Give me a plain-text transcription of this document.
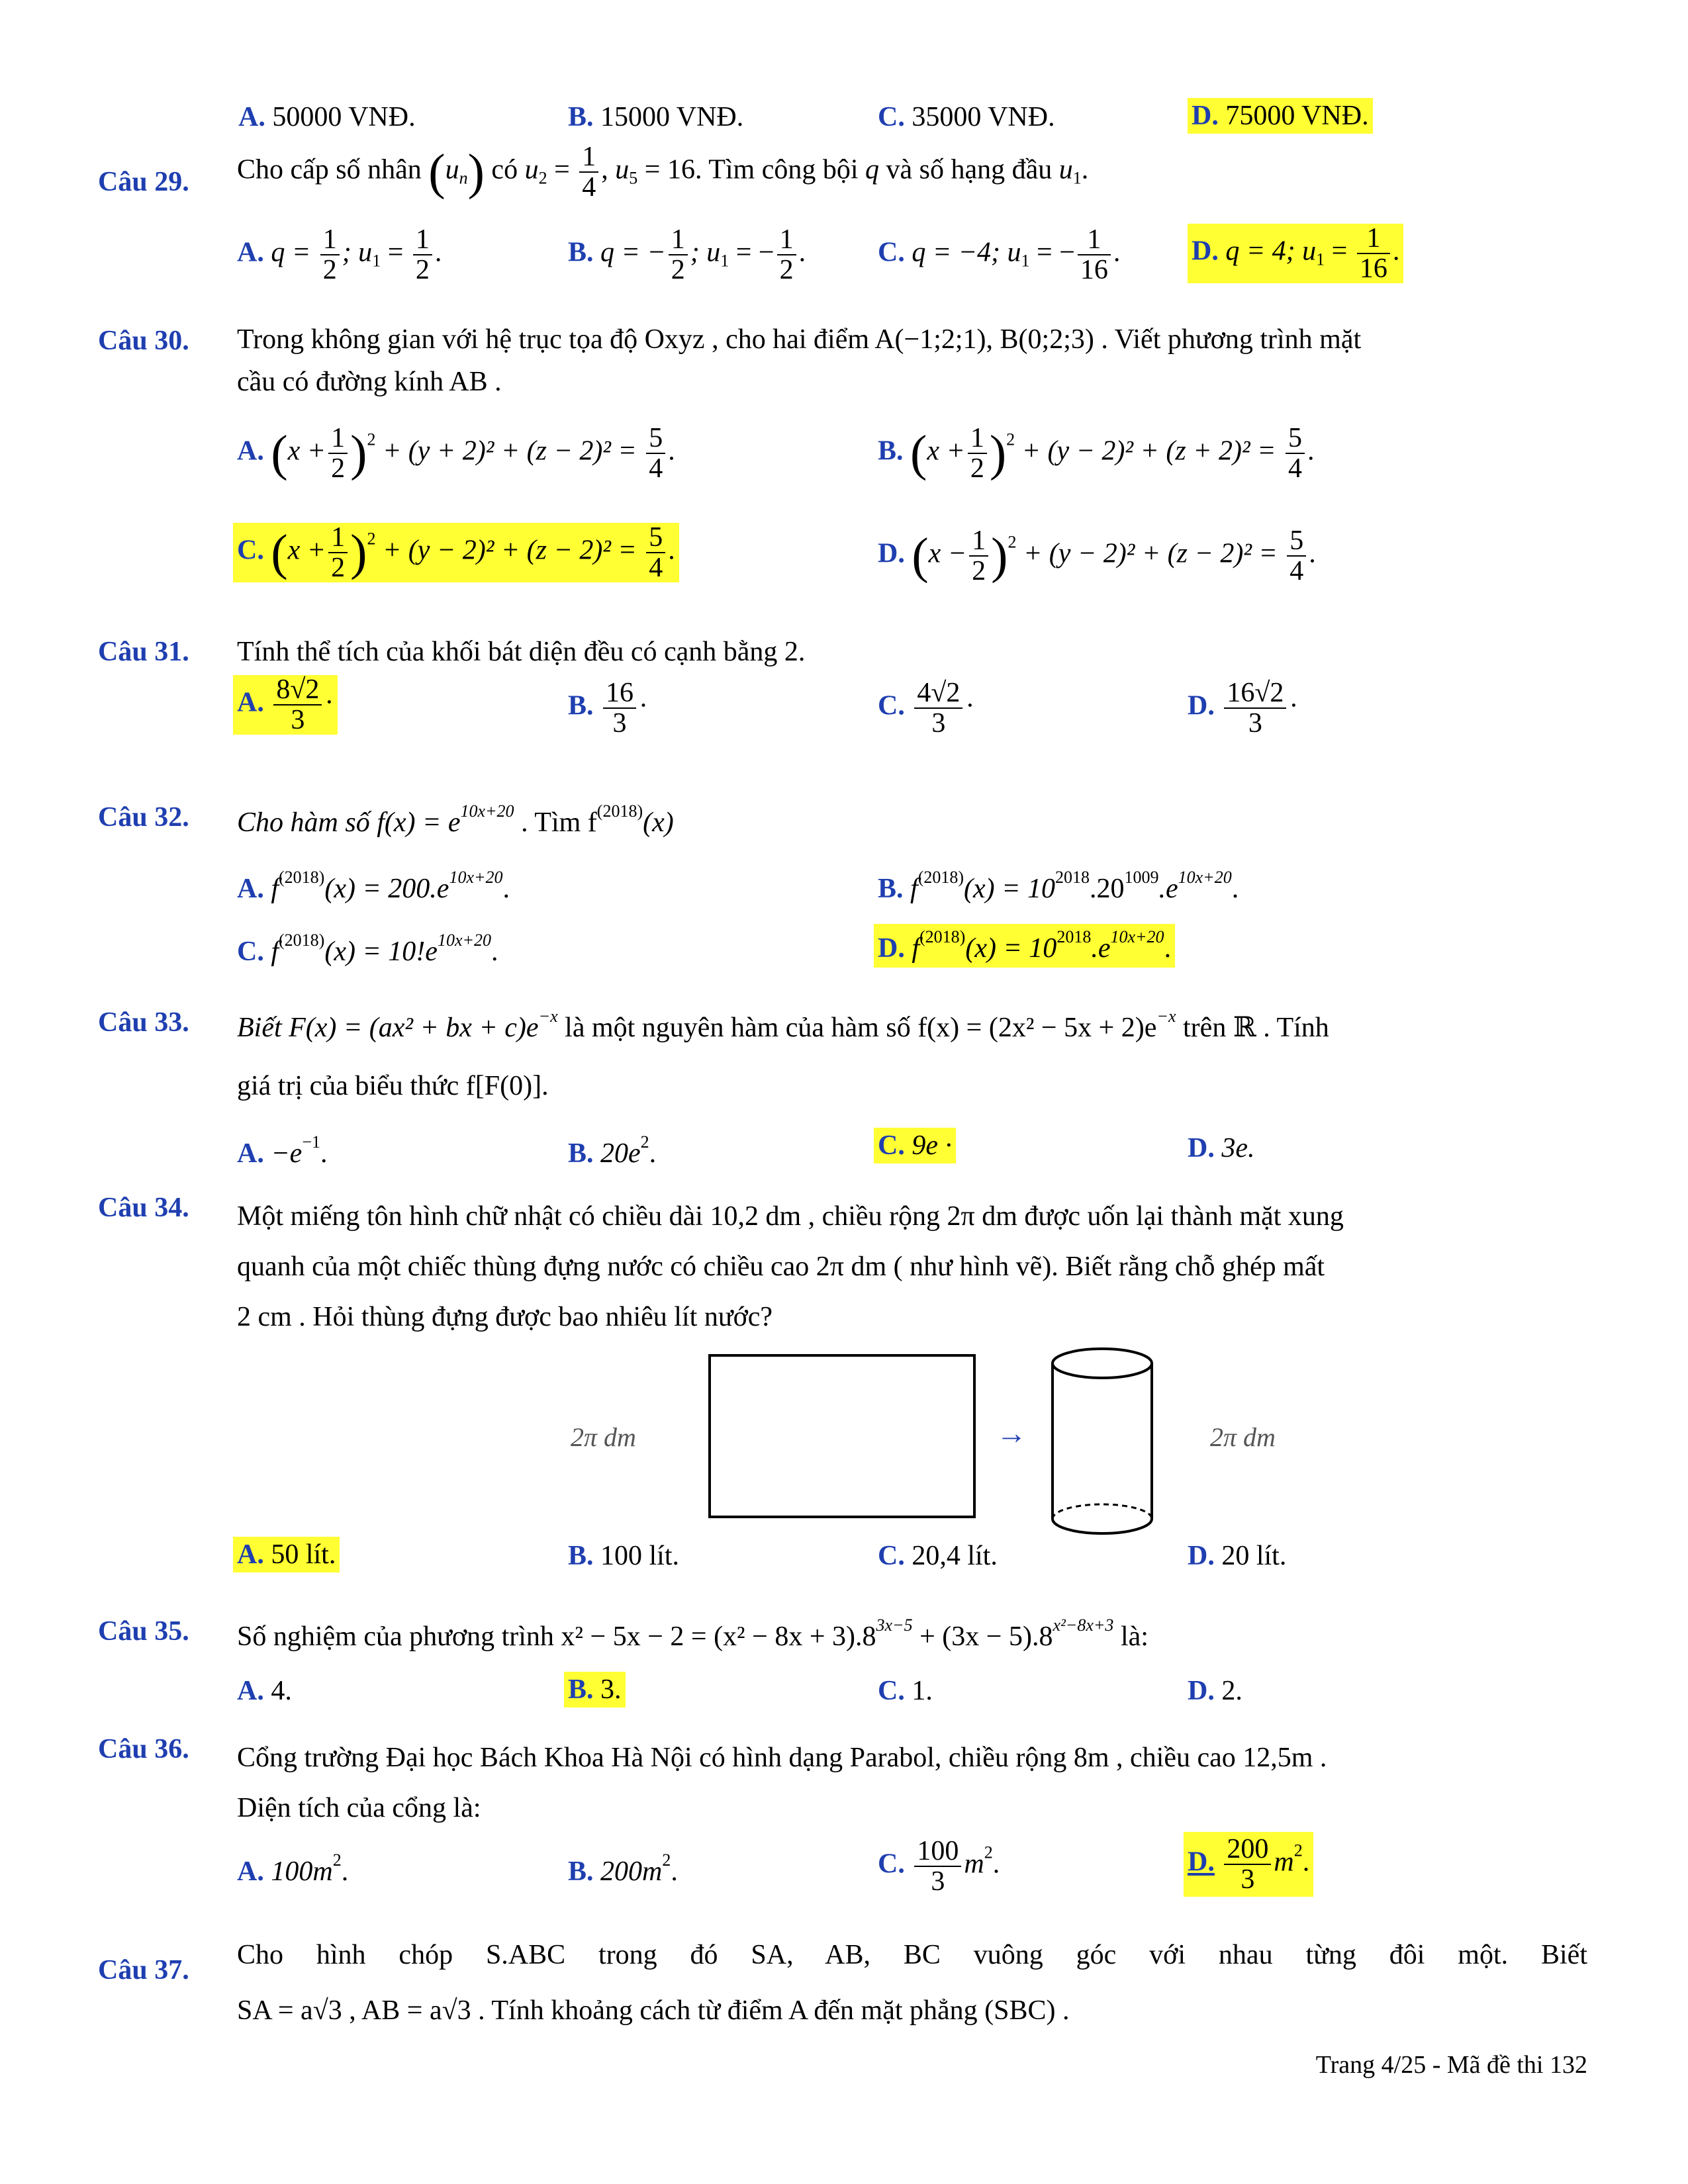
A. 50000 VNĐ.	B. 15000 VNĐ.	C. 35000 VNĐ.	D. 75000 VNĐ.
Câu 29. Cho cấp số nhân $(u_n)$ có $u_2 = \frac{1}{4}$ , $u_5 = 16$. Tìm công bội q và số hạng đầu $u_1$.
A. $q = \frac{1}{2}$ ; $u_1 = \frac{1}{2}$ .	B. q = − $\frac{1}{2}$ ; $u_1$ = − $\frac{1}{2}$ .	C. q = −4; $u_1$ = − $\frac{1}{16}$ .	D. q = 4; $u_1 = \frac{1}{16}$ .
Câu 30. Trong không gian với hệ trục tọa độ Oxyz , cho hai điểm A(−1;2;1), B(0;2;3) . Viết phương trình mặt
cầu có đường kính AB .
A. $(x + \frac{1}{2} )^2 + (y + 2)^2 + (z - 2)^2 = \frac{5}{4}$ .	B. $(x + \frac{1}{2} )^2 + (y - 2)^2 + (z + 2)^2 = \frac{5}{4}$ .
C. $(x + \frac{1}{2} )^2 + (y - 2)^2 + (z - 2)^2 = \frac{5}{4}$ .	D. $(x - \frac{1}{2} )^2 + (y - 2)^2 + (z - 2)^2 = \frac{5}{4}$ .
Câu 31. Tính thể tích của khối bát diện đều có cạnh bằng 2.
A. $\frac{8√2}{3}$ ·	B. $\frac{16}{3}$ ·	C. $\frac{4√2}{3}$ ·	D. $\frac{16√2}{3}$ ·
Câu 32. Cho hàm số $f(x) = e^{10x+20}$ . Tìm $f^{(2018)}(x)$
A. $f^{(2018)}(x) = 200.e^{10x+20}$.	B. $f^{(2018)}(x) = 10^{2018}.20^{1009}.e^{10x+20}$.
C. $f^{(2018)}(x) = 10!e^{10x+20}$.	D. $f^{(2018)}(x) = 10^{2018}.e^{10x+20}$.
Câu 33. Biết F(x) = (ax² + bx + $c)e^{-x}$ là một nguyên hàm của hàm số $f(x) = (2x^2 - 5x + 2)e^{-x}$ trên ℝ . Tính
giá trị của biểu thức f[F(0)].
A. $-e^{-1}$.	B. $20e^2$.	C. 9e ·	D. 3e.
Câu 34. Một miếng tôn hình chữ nhật có chiều dài 10,2 dm , chiều rộng 2π dm được uốn lại thành mặt xung
quanh của một chiếc thùng đựng nước có chiều cao 2π dm ( như hình vẽ). Biết rằng chỗ ghép mất
2 cm . Hỏi thùng đựng được bao nhiêu lít nước?
2π dm	→	2π dm
A. 50 lít.	B. 100 lít.	C. 20,4 lít.	D. 20 lít.
Câu 35. Số nghiệm của phương trình $x^2 - 5x - 2 = (x^2 - 8x + 3).8^{3x-5} + (3x - 5).8^{x^2-8x+3}$ là:
A. 4.	B. 3.	C. 1.	D. 2.
Câu 36. Cổng trường Đại học Bách Khoa Hà Nội có hình dạng Parabol, chiều rộng 8m , chiều cao 12,5m .
Diện tích của cổng là:
A. $100m^2$.	B. $200m^2$.	C. $\frac{100}{3} m^2$.	D. $\frac{200}{3} m^2$.
Câu 37. Cho hình chóp S.ABC trong đó SA, AB, BC vuông góc với nhau từng đôi một. Biết
SA = a√3 , AB = a√3 . Tính khoảng cách từ điểm A đến mặt phẳng (SBC) .
Trang 4/25 - Mã đề thi 132
